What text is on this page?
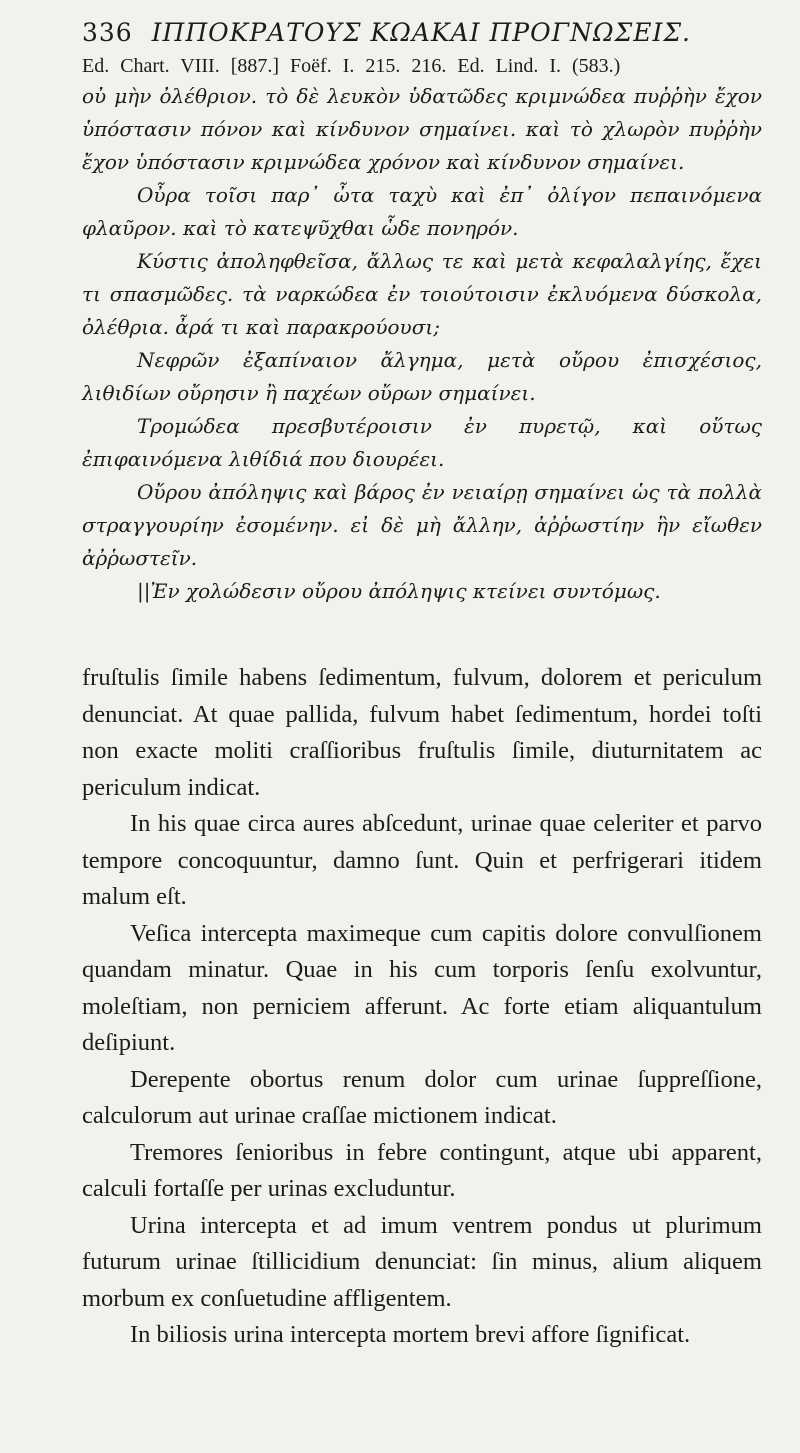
336 ΙΠΠΟΚΡΑΤΟΥΣ ΚΩΑΚΑΙ ΠΡΟΓΝΩΣΕΙΣ.
Ed. Chart. VIII. [887.] Foëf. I. 215. 216. Ed. Lind. I. (583.)

οὐ μὴν ὀλέθριον. τὸ δὲ λευκὸν ὑδατῶδες κριμνώδεα πυῤῥὴν ἔχον ὑπόστασιν πόνον καὶ κίνδυνον σημαίνει. καὶ τὸ χλωρὸν πυῤῥὴν ἔχον ὑπόστασιν κριμνώδεα χρόνον καὶ κίνδυνον σημαίνει.

Οὖρα τοῖσι παρ᾽ ὦτα ταχὺ καὶ ἐπ᾽ ὀλίγον πεπαινόμενα φλαῦρον. καὶ τὸ κατεψῦχθαι ὧδε πονηρόν.

Κύστις ἀποληφθεῖσα, ἄλλως τε καὶ μετὰ κεφαλαλγίης, ἔχει τι σπασμῶδες. τὰ ναρκώδεα ἐν τοιούτοισιν ἐκλυόμενα δύσκολα, ὀλέθρια. ἆρά τι καὶ παρακρούουσι;

Νεφρῶν ἐξαπίναιον ἄλγημα, μετὰ οὔρου ἐπισχέσιος, λιθιδίων οὔρησιν ἢ παχέων οὔρων σημαίνει.

Τρομώδεα πρεσβυτέροισιν ἐν πυρετῷ, καὶ οὕτως ἐπιφαινόμενα λιθίδιά που διουρέει.

Οὔρου ἀπόληψις καὶ βάρος ἐν νειαίρῃ σημαίνει ὡς τὰ πολλὰ στραγγουρίην ἐσομένην. εἰ δὲ μὴ ἄλλην, ἀῤῥωστίην ἣν εἴωθεν ἀῤῥωστεῖν.

||Ἐν χολώδεσιν οὔρου ἀπόληψις κτείνει συντόμως.

fruſtulis ſimile habens ſedimentum, fulvum, dolorem et periculum denunciat. At quae pallida, fulvum habet ſedimentum, hordei toſti non exacte moliti craſſioribus fruſtulis ſimile, diuturnitatem ac periculum indicat.

In his quae circa aures abſcedunt, urinae quae celeriter et parvo tempore concoquuntur, damno ſunt. Quin et perfrigerari itidem malum eſt.

Veſica intercepta maximeque cum capitis dolore convulſionem quandam minatur. Quae in his cum torporis ſenſu exolvuntur, moleſtiam, non perniciem afferunt. Ac forte etiam aliquantulum deſipiunt.

Derepente obortus renum dolor cum urinae ſuppreſſione, calculorum aut urinae craſſae mictionem indicat.

Tremores ſenioribus in febre contingunt, atque ubi apparent, calculi fortaſſe per urinas excluduntur.

Urina intercepta et ad imum ventrem pondus ut plurimum futurum urinae ſtillicidium denunciat: ſin minus, alium aliquem morbum ex conſuetudine affligentem.

In biliosis urina intercepta mortem brevi affore ſignificat.
